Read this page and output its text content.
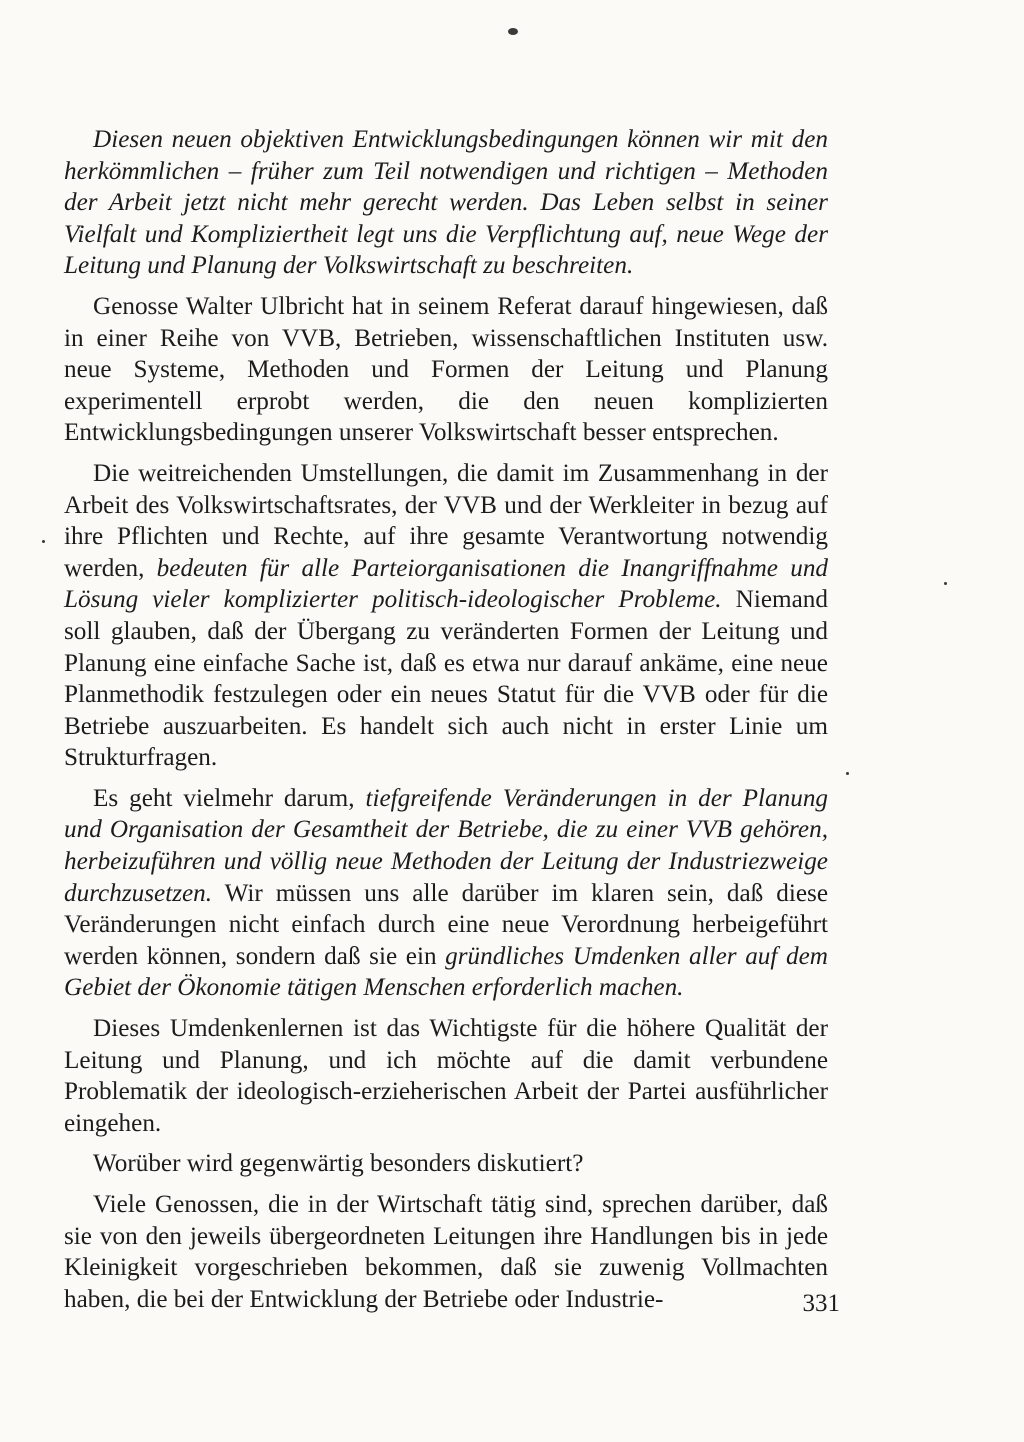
Diesen neuen objektiven Entwicklungsbedingungen können wir mit den herkömmlichen – früher zum Teil notwendigen und richtigen – Methoden der Arbeit jetzt nicht mehr gerecht werden. Das Leben selbst in seiner Vielfalt und Kompliziertheit legt uns die Verpflichtung auf, neue Wege der Leitung und Planung der Volkswirtschaft zu beschreiten.

Genosse Walter Ulbricht hat in seinem Referat darauf hingewiesen, daß in einer Reihe von VVB, Betrieben, wissenschaftlichen Instituten usw. neue Systeme, Methoden und Formen der Leitung und Planung experimentell erprobt werden, die den neuen komplizierten Entwicklungsbedingungen unserer Volkswirtschaft besser entsprechen.

Die weitreichenden Umstellungen, die damit im Zusammenhang in der Arbeit des Volkswirtschaftsrates, der VVB und der Werkleiter in bezug auf ihre Pflichten und Rechte, auf ihre gesamte Verantwortung notwendig werden, bedeuten für alle Parteiorganisationen die Inangriffnahme und Lösung vieler komplizierter politisch-ideologischer Probleme. Niemand soll glauben, daß der Übergang zu veränderten Formen der Leitung und Planung eine einfache Sache ist, daß es etwa nur darauf ankäme, eine neue Planmethodik festzulegen oder ein neues Statut für die VVB oder für die Betriebe auszuarbeiten. Es handelt sich auch nicht in erster Linie um Strukturfragen.

Es geht vielmehr darum, tiefgreifende Veränderungen in der Planung und Organisation der Gesamtheit der Betriebe, die zu einer VVB gehören, herbeizuführen und völlig neue Methoden der Leitung der Industriezweige durchzusetzen. Wir müssen uns alle darüber im klaren sein, daß diese Veränderungen nicht einfach durch eine neue Verordnung herbeigeführt werden können, sondern daß sie ein gründliches Umdenken aller auf dem Gebiet der Ökonomie tätigen Menschen erforderlich machen.

Dieses Umdenkenlernen ist das Wichtigste für die höhere Qualität der Leitung und Planung, und ich möchte auf die damit verbundene Problematik der ideologisch-erzieherischen Arbeit der Partei ausführlicher eingehen.

Worüber wird gegenwärtig besonders diskutiert?

Viele Genossen, die in der Wirtschaft tätig sind, sprechen darüber, daß sie von den jeweils übergeordneten Leitungen ihre Handlungen bis in jede Kleinigkeit vorgeschrieben bekommen, daß sie zuwenig Vollmachten haben, die bei der Entwicklung der Betriebe oder Industrie-	331
